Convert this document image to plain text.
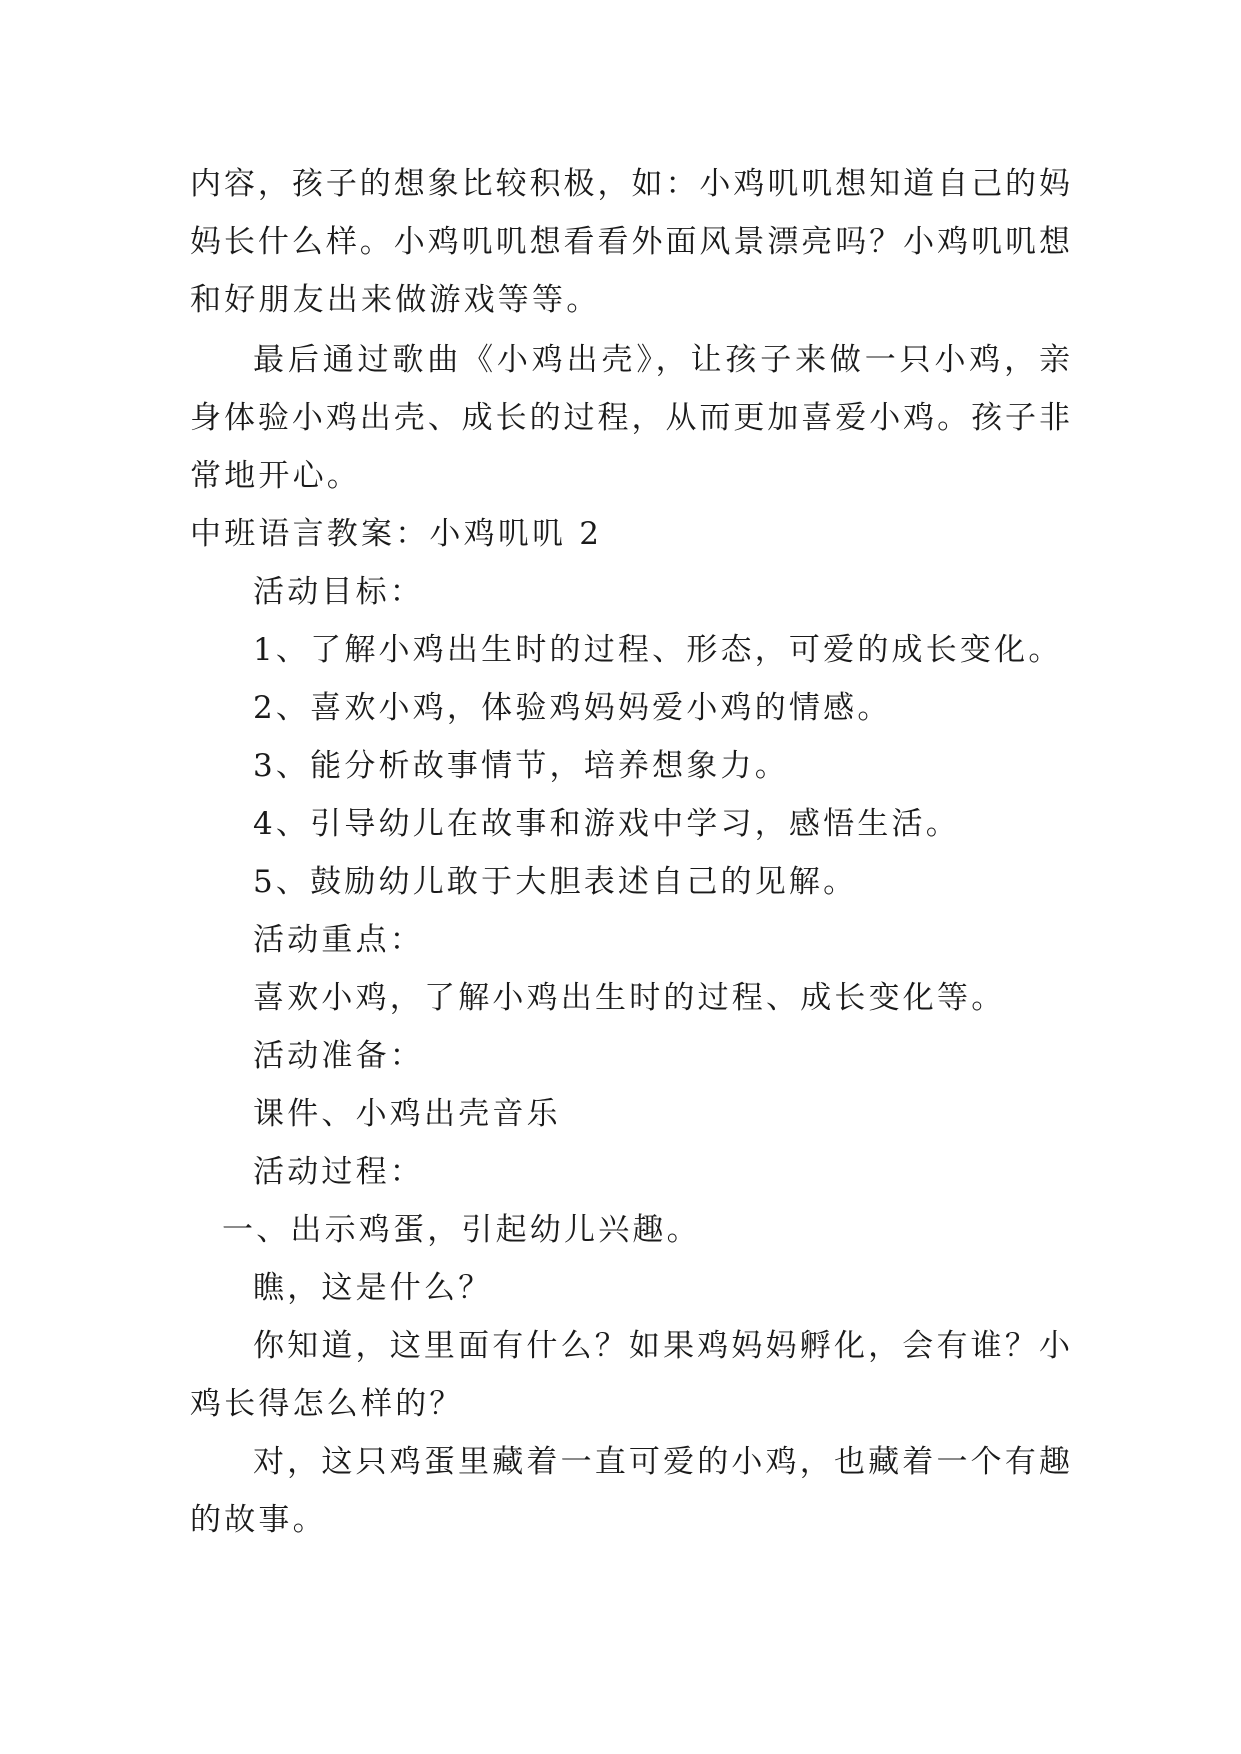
内容，孩子的想象比较积极，如：小鸡叽叽想知道自己的妈

妈长什么样。小鸡叽叽想看看外面风景漂亮吗？小鸡叽叽想

和好朋友出来做游戏等等。

最后通过歌曲《小鸡出壳》，让孩子来做一只小鸡，亲

身体验小鸡出壳、成长的过程，从而更加喜爱小鸡。孩子非

常地开心。

中班语言教案：小鸡叽叽 2

活动目标：

1、了解小鸡出生时的过程、形态，可爱的成长变化。

2、喜欢小鸡，体验鸡妈妈爱小鸡的情感。

3、能分析故事情节，培养想象力。

4、引导幼儿在故事和游戏中学习，感悟生活。

5、鼓励幼儿敢于大胆表述自己的见解。

活动重点：

喜欢小鸡，了解小鸡出生时的过程、成长变化等。

活动准备：

课件、小鸡出壳音乐

活动过程：

一、出示鸡蛋，引起幼儿兴趣。

瞧，这是什么？

你知道，这里面有什么？如果鸡妈妈孵化，会有谁？小

鸡长得怎么样的？

对，这只鸡蛋里藏着一直可爱的小鸡，也藏着一个有趣

的故事。
